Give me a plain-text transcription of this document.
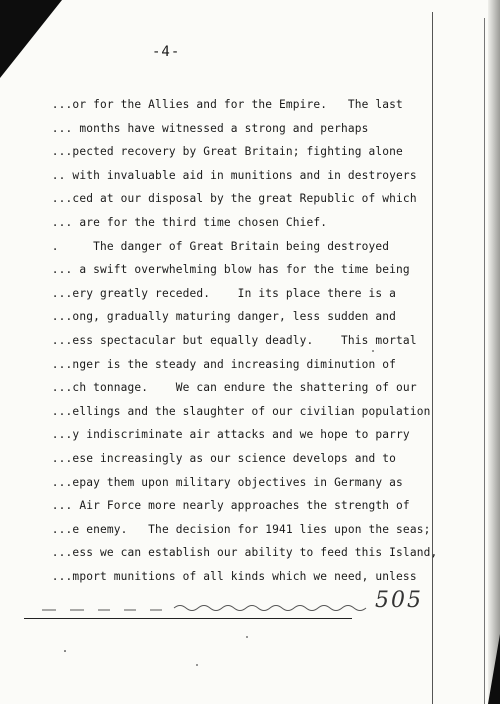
-4-
...or for the Allies and for the Empire.   The last
... months have witnessed a strong and perhaps
...pected recovery by Great Britain; fighting alone
.. with invaluable aid in munitions and in destroyers
...ced at our disposal by the great Republic of which
... are for the third time chosen Chief.
.     The danger of Great Britain being destroyed
... a swift overwhelming blow has for the time being
...ery greatly receded.    In its place there is a
...ong, gradually maturing danger, less sudden and
...ess spectacular but equally deadly.    This mortal
...nger is the steady and increasing diminution of
...ch tonnage.    We can endure the shattering of our
...ellings and the slaughter of our civilian population
...y indiscriminate air attacks and we hope to parry
...ese increasingly as our science develops and to
...epay them upon military objectives in Germany as
... Air Force more nearly approaches the strength of
...e enemy.   The decision for 1941 lies upon the seas;
...ess we can establish our ability to feed this Island,
...mport munitions of all kinds which we need, unless
505
